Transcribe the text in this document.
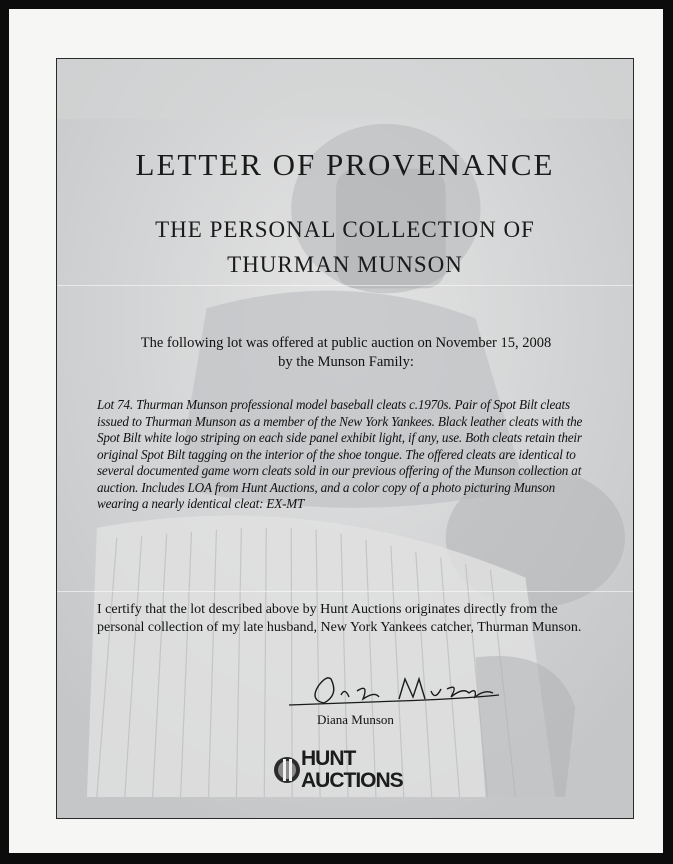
LETTER OF PROVENANCE
THE PERSONAL COLLECTION OF
THURMAN MUNSON
The following lot was offered at public auction on November 15, 2008
by the Munson Family:
Lot 74. Thurman Munson professional model baseball cleats c.1970s. Pair of Spot Bilt cleats issued to Thurman Munson as a member of the New York Yankees. Black leather cleats with the Spot Bilt white logo striping on each side panel exhibit light, if any, use. Both cleats retain their original Spot Bilt tagging on the interior of the shoe tongue. The offered cleats are identical to several documented game worn cleats sold in our previous offering of the Munson collection at auction. Includes LOA from Hunt Auctions, and a color copy of a photo picturing Munson wearing a nearly identical cleat: EX-MT
I certify that the lot described above by Hunt Auctions originates directly from the personal collection of my late husband, New York Yankees catcher, Thurman Munson.
Diana Munson
HUNT
AUCTIONS
